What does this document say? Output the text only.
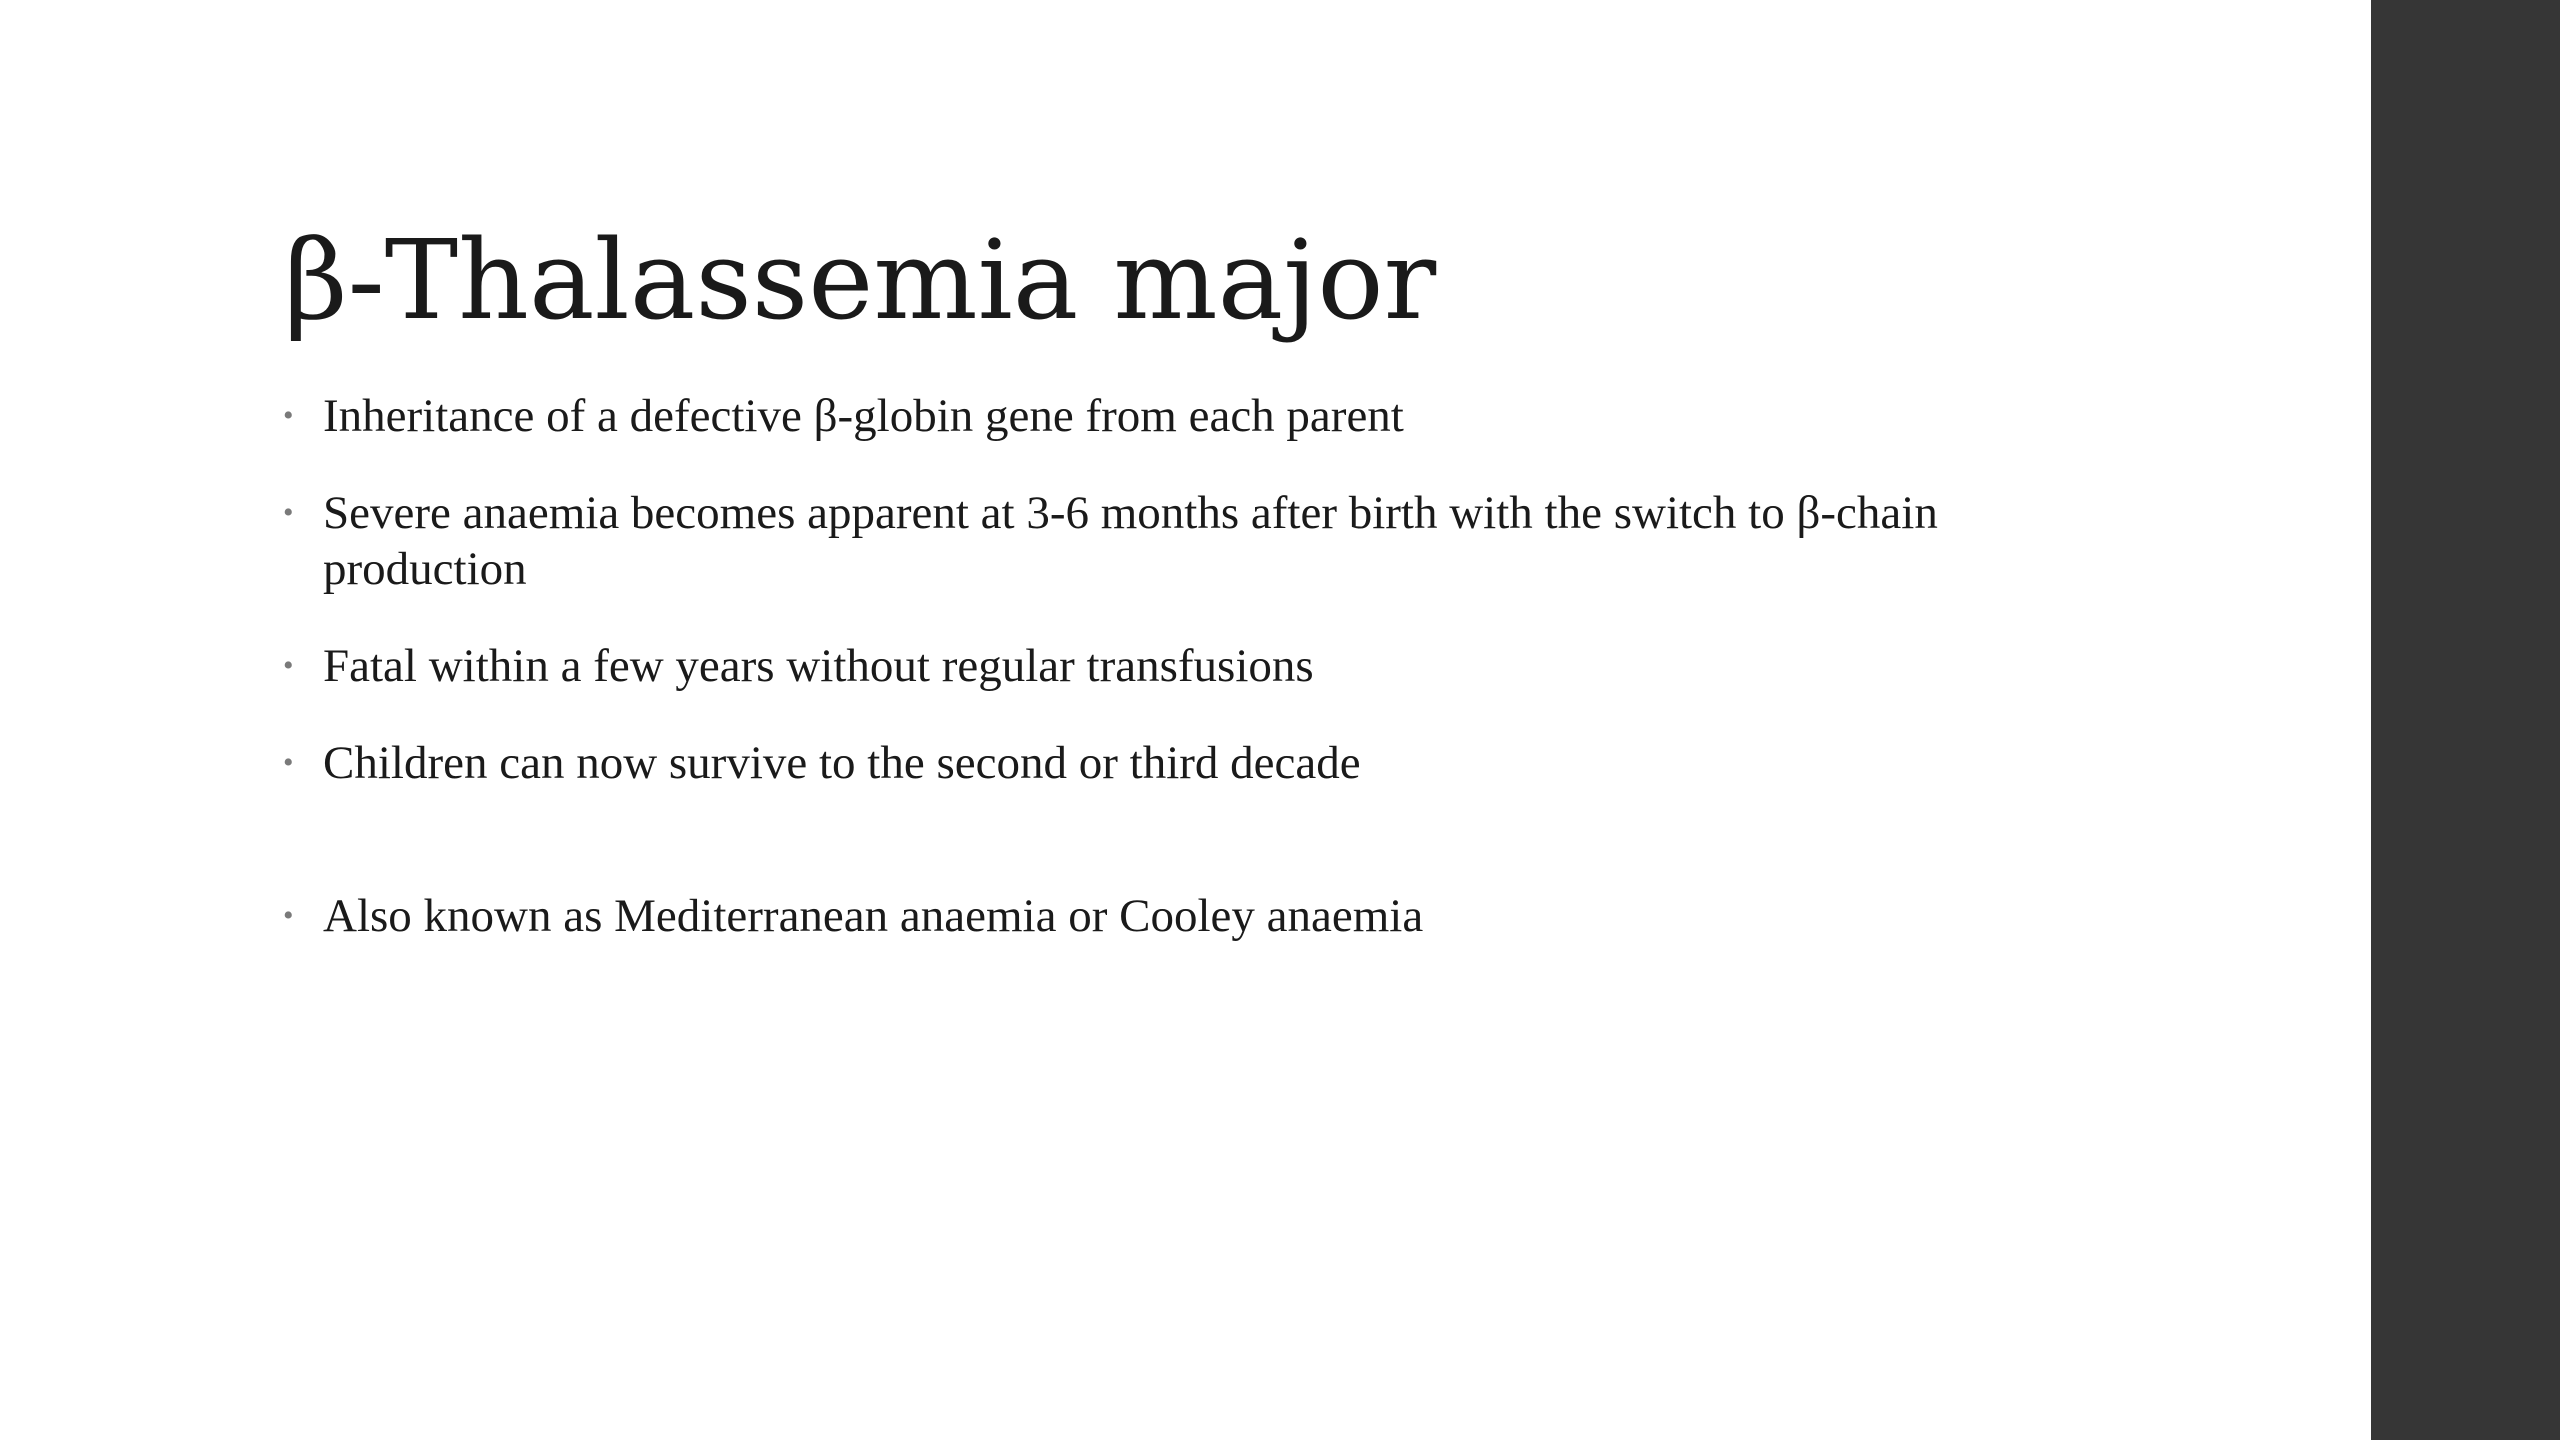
β-Thalassemia major
• Inheritance of a defective β-globin gene from each parent
• Severe anaemia becomes apparent at 3-6 months after birth with the switch to β-chain production
• Fatal within a few years without regular transfusions
• Children can now survive to the second or third decade
• Also known as Mediterranean anaemia or Cooley anaemia
